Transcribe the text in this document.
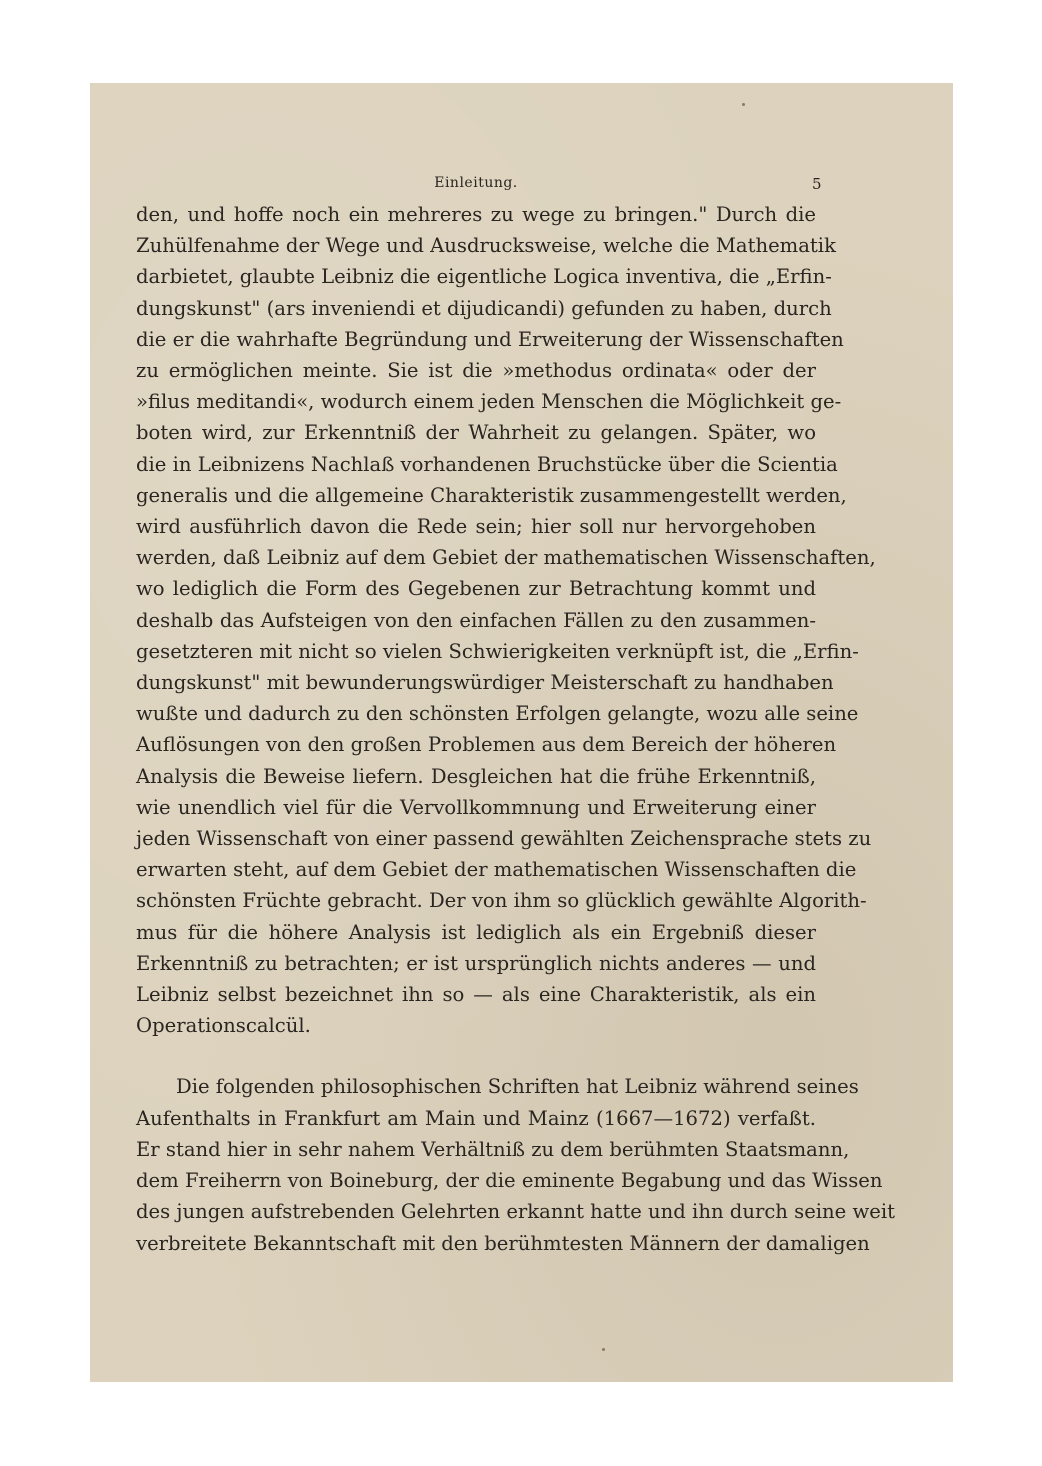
Einleitung.	5
den, und hoffe noch ein mehreres zu wege zu bringen." Durch die
Zuhülfenahme der Wege und Ausdrucksweise, welche die Mathematik
darbietet, glaubte Leibniz die eigentliche Logica inventiva, die „Erfin-
dungskunst" (ars inveniendi et dijudicandi) gefunden zu haben, durch
die er die wahrhafte Begründung und Erweiterung der Wissenschaften
zu ermöglichen meinte. Sie ist die »methodus ordinata« oder der
»filus meditandi«, wodurch einem jeden Menschen die Möglichkeit ge-
boten wird, zur Erkenntniß der Wahrheit zu gelangen. Später, wo
die in Leibnizens Nachlaß vorhandenen Bruchstücke über die Scientia
generalis und die allgemeine Charakteristik zusammengestellt werden,
wird ausführlich davon die Rede sein; hier soll nur hervorgehoben
werden, daß Leibniz auf dem Gebiet der mathematischen Wissenschaften,
wo lediglich die Form des Gegebenen zur Betrachtung kommt und
deshalb das Aufsteigen von den einfachen Fällen zu den zusammen-
gesetzteren mit nicht so vielen Schwierigkeiten verknüpft ist, die „Erfin-
dungskunst" mit bewunderungswürdiger Meisterschaft zu handhaben
wußte und dadurch zu den schönsten Erfolgen gelangte, wozu alle seine
Auflösungen von den großen Problemen aus dem Bereich der höheren
Analysis die Beweise liefern. Desgleichen hat die frühe Erkenntniß,
wie unendlich viel für die Vervollkommnung und Erweiterung einer
jeden Wissenschaft von einer passend gewählten Zeichensprache stets zu
erwarten steht, auf dem Gebiet der mathematischen Wissenschaften die
schönsten Früchte gebracht. Der von ihm so glücklich gewählte Algorith-
mus für die höhere Analysis ist lediglich als ein Ergebniß dieser
Erkenntniß zu betrachten; er ist ursprünglich nichts anderes — und
Leibniz selbst bezeichnet ihn so — als eine Charakteristik, als ein
Operationscalcül.
Die folgenden philosophischen Schriften hat Leibniz während seines
Aufenthalts in Frankfurt am Main und Mainz (1667—1672) verfaßt.
Er stand hier in sehr nahem Verhältniß zu dem berühmten Staatsmann,
dem Freiherrn von Boineburg, der die eminente Begabung und das Wissen
des jungen aufstrebenden Gelehrten erkannt hatte und ihn durch seine weit
verbreitete Bekanntschaft mit den berühmtesten Männern der damaligen
